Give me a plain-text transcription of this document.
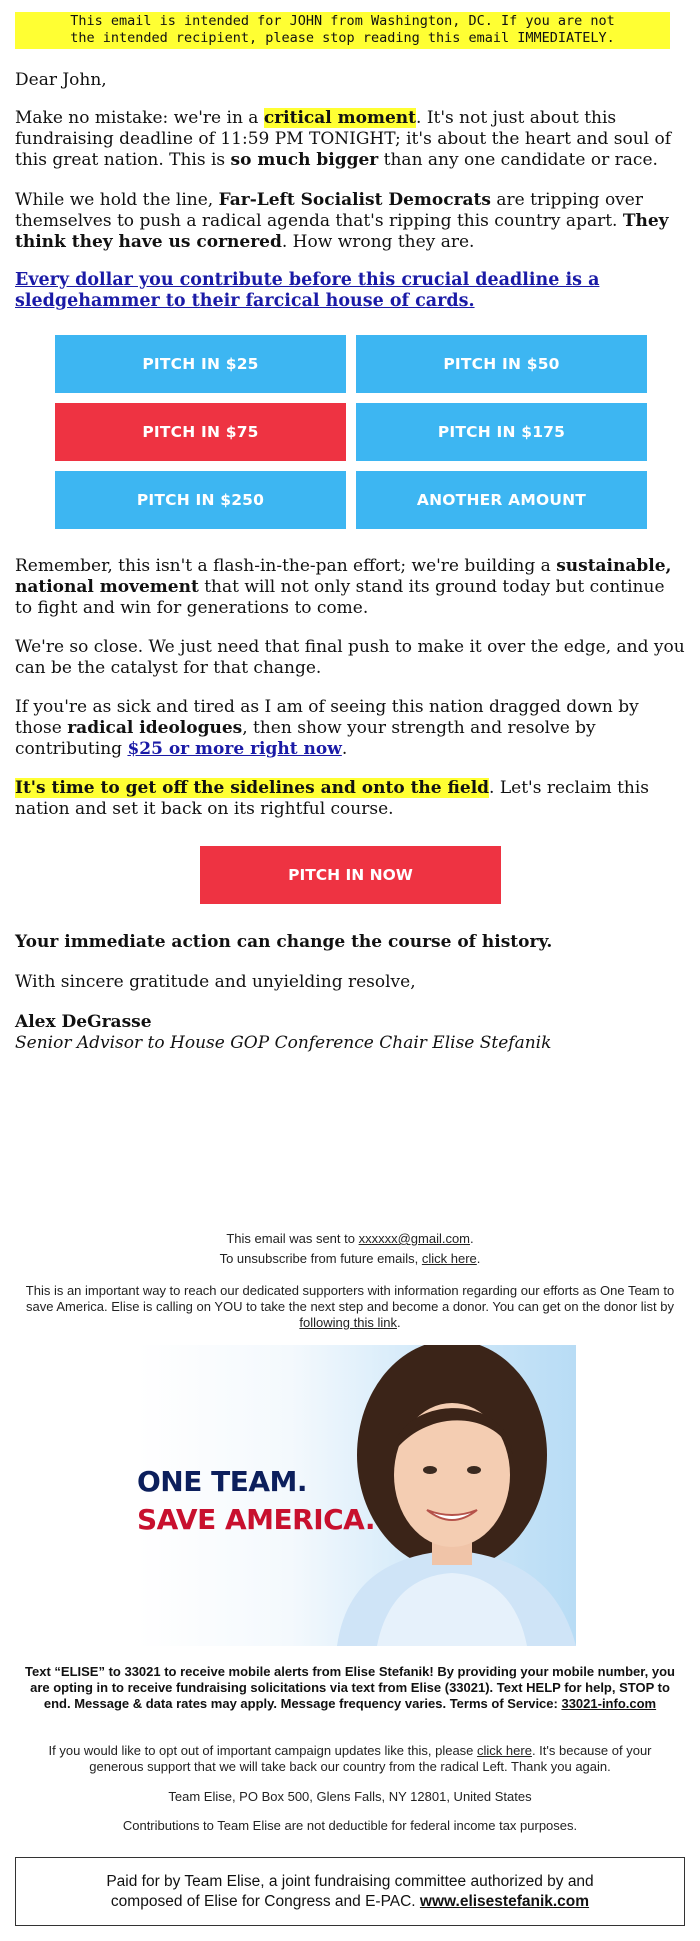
This email is intended for JOHN from Washington, DC. If you are not
the intended recipient, please stop reading this email IMMEDIATELY.
Dear John,
Make no mistake: we're in a critical moment. It's not just about this fundraising deadline of 11:59 PM TONIGHT; it's about the heart and soul of this great nation. This is so much bigger than any one candidate or race.
While we hold the line, Far-Left Socialist Democrats are tripping over themselves to push a radical agenda that's ripping this country apart. They think they have us cornered. How wrong they are.
Every dollar you contribute before this crucial deadline is a sledgehammer to their farcical house of cards.
PITCH IN $25	PITCH IN $50
PITCH IN $75	PITCH IN $175
PITCH IN $250	ANOTHER AMOUNT
Remember, this isn't a flash-in-the-pan effort; we're building a sustainable, national movement that will not only stand its ground today but continue to fight and win for generations to come.
We're so close. We just need that final push to make it over the edge, and you can be the catalyst for that change.
If you're as sick and tired as I am of seeing this nation dragged down by those radical ideologues, then show your strength and resolve by contributing $25 or more right now.
It's time to get off the sidelines and onto the field. Let's reclaim this nation and set it back on its rightful course.
PITCH IN NOW
Your immediate action can change the course of history.
With sincere gratitude and unyielding resolve,
Alex DeGrasse
Senior Advisor to House GOP Conference Chair Elise Stefanik
This email was sent to xxxxxx@gmail.com.
To unsubscribe from future emails, click here.
This is an important way to reach our dedicated supporters with information regarding our efforts as One Team to save America. Elise is calling on YOU to take the next step and become a donor. You can get on the donor list by following this link.
ONE TEAM.
SAVE AMERICA.
Text “ELISE” to 33021 to receive mobile alerts from Elise Stefanik! By providing your mobile number, you are opting in to receive fundraising solicitations via text from Elise (33021). Text HELP for help, STOP to end. Message & data rates may apply. Message frequency varies. Terms of Service: 33021-info.com
If you would like to opt out of important campaign updates like this, please click here. It's because of your generous support that we will take back our country from the radical Left. Thank you again.
Team Elise, PO Box 500, Glens Falls, NY 12801, United States
Contributions to Team Elise are not deductible for federal income tax purposes.
Paid for by Team Elise, a joint fundraising committee authorized by and composed of Elise for Congress and E-PAC. www.elisestefanik.com
